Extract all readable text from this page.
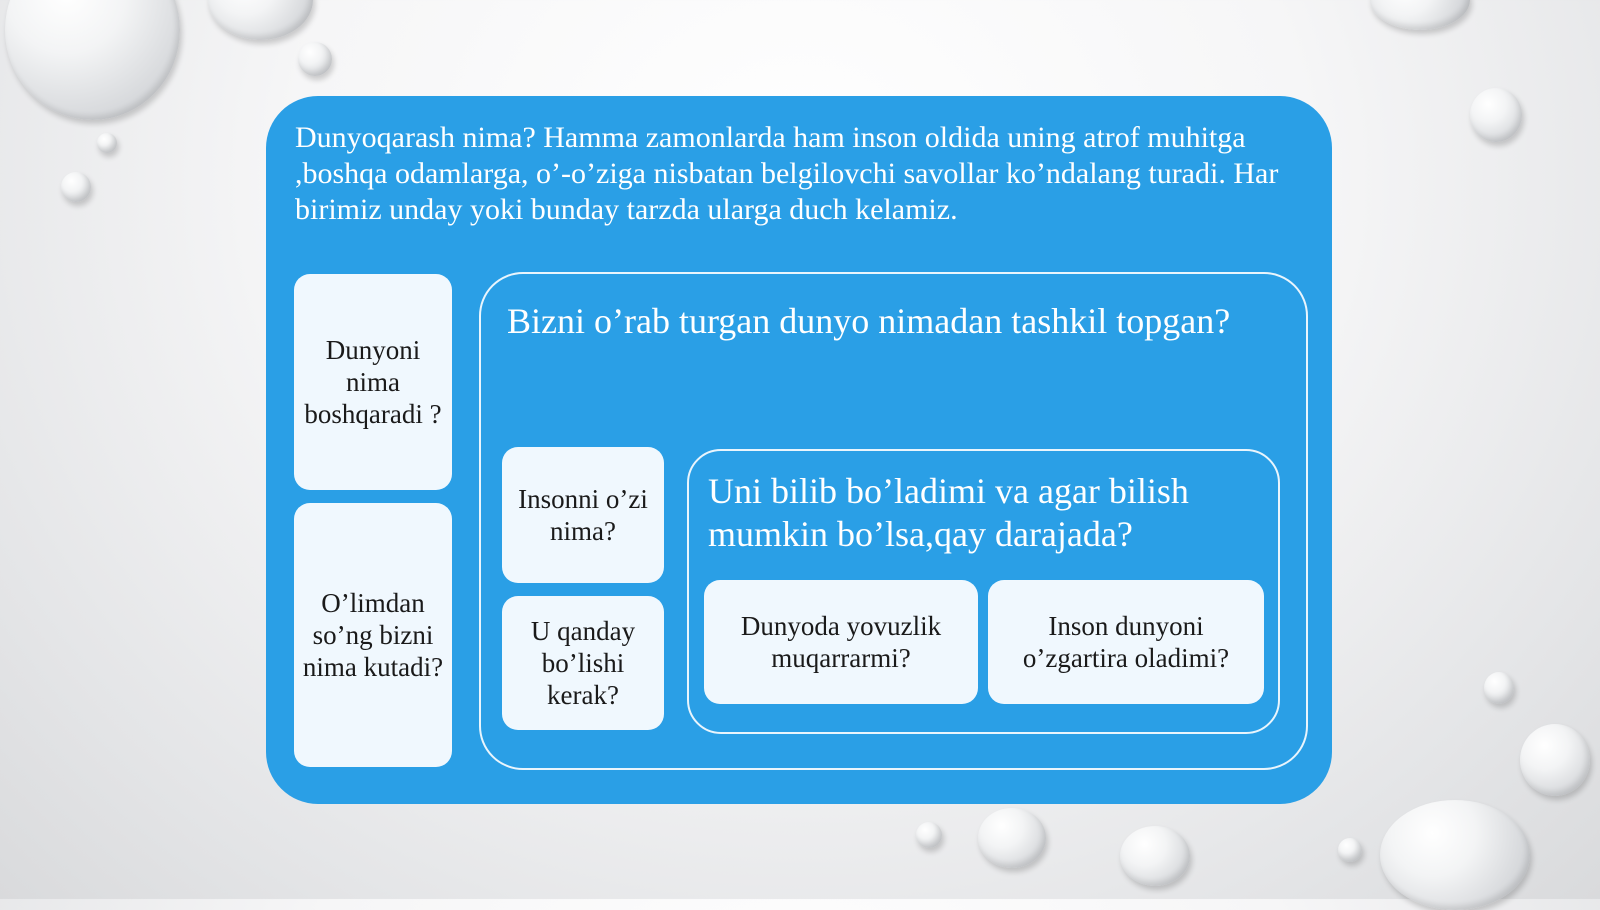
Dunyoqarash nima? Hamma zamonlarda ham inson oldida uning atrof muhitga ,boshqa odamlarga, o’-o’ziga nisbatan belgilovchi savollar ko’ndalang turadi. Har birimiz unday yoki bunday tarzda ularga duch kelamiz.
Dunyoni nima boshqaradi ?
O’limdan so’ng bizni nima kutadi?
Bizni o’rab turgan dunyo nimadan tashkil topgan?
Insonni o’zi nima?
U qanday bo’lishi kerak?
Uni bilib bo’ladimi va agar bilish mumkin bo’lsa,qay darajada?
Dunyoda yovuzlik muqarrarmi?
Inson dunyoni o’zgartira oladimi?
